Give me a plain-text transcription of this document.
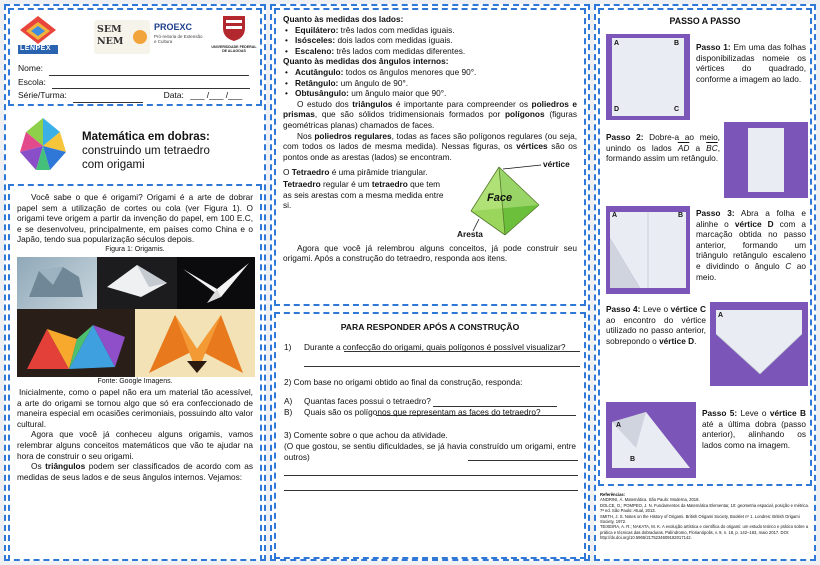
LENPEX
SEM NEM
PROEXC
Pró-reitoria de Extensão e Cultura
UNIVERSIDADE FEDERAL DE ALAGOAS
Nome:
Escola:
Série/Turma:	Data: ___ /___ /___
Matemática em dobras:
construindo um tetraedro
com origami

Você sabe o que é origami? Origami é a arte de dobrar papel sem a utilização de cortes ou cola (ver Figura 1). O origami teve origem a partir da invenção do papel, em 100 E.C, e se desenvolveu, principalmente, em países como China e o Japão, tendo sua popularização séculos depois.

Figura 1: Origamis.
Fonte: Google Imagens.

Inicialmente, como o papel não era um material tão acessível, a arte do origami se tornou algo que só era confeccionado de maneira especial em ocasiões cerimoniais, possuindo alto valor cultural.

Agora que você já conheceu alguns origamis, vamos relembrar alguns conceitos matemáticos que vão te ajudar na hora de construir o seu origami.

Os triângulos podem ser classificados de acordo com as medidas de seus lados e de seus ângulos internos. Vejamos:

Quanto às medidas dos lados:
• Equilátero: três lados com medidas iguais.
• Isósceles: dois lados com medidas iguais.
• Escaleno: três lados com medidas diferentes.
Quanto às medidas dos ângulos internos:
• Acutângulo: todos os ângulos menores que 90°.
• Retângulo: um ângulo de 90°.
• Obtusângulo: um ângulo maior que 90°.

O estudo dos triângulos é importante para compreender os poliedros e prismas, que são sólidos tridimensionais formados por polígonos (figuras geométricas planas) chamados de faces.

Nos poliedros regulares, todas as faces são polígonos regulares (ou seja, com todos os lados de mesma medida). Nessas figuras, os vértices são os pontos onde as arestas (lados) se encontram.

O Tetraedro é uma pirâmide triangular.

Tetraedro regular é um tetraedro que tem as seis arestas com a mesma medida entre si.

vértice
Face
Aresta

Agora que você já relembrou alguns conceitos, já pode construir seu origami. Após a construção do tetraedro, responda aos itens.

PARA RESPONDER APÓS A CONSTRUÇÃO
1) Durante a confecção do origami, quais polígonos é possível visualizar?

2) Com base no origami obtido ao final da construção, responda:

A) Quantas faces possui o tetraedro?
B) Quais são os polígonos que representam as faces do tetraedro?

3) Comente sobre o que achou da atividade.

(O que gostou, se sentiu dificuldades, se já havia construído um origami, entre outros)

PASSO A PASSO
A	B
D	C

Passo 1: Em uma das folhas disponibilizadas nomeie os vértices do quadrado, conforme a imagem ao lado.

Passo 2: Dobre-a ao meio, unindo os lados $\overline{AD}$ a $\overline{BC}$, formando assim um retângulo.

A	B Passo 3: Abra a folha e alinhe o vértice D com a marcação obtida no passo anterior, formando um triângulo retângulo escaleno e dividindo o ângulo C ao meio.

Passo 4: Leve o vértice C ao encontro do vértice utilizado no passo anterior, sobrepondo o vértice D.

A
A
B

Passo 5: Leve o vértice B até a última dobra (passo anterior), alinhando os lados como na imagem.

Referências:
ANDRINI, Á. Matemática. São Paulo: Moderna, 2018.
DOLCE, O.; POMPEO, J. N. Fundamentos da Matemática Elementar, 10: geometria espacial, posição e métrica. 7ª ed. São Paulo: Atual, 2013.
SMITH, J. S. Notes on the History of Origami. British Origami Society, Booklet nº 1. Londres: British Origami Society, 1972.
TEIXEIRA, A. R.; NAKATA, M. K. A evolução artística e científica do origami: um estudo teórico e prático sobre a prática e técnicas das dobraduras. Palíndromo, Florianópolis, v. 9, n. 18, p. 142–163, maio 2017. DOI: http://dx.doi.org/10.5965/2175234609182017142.
